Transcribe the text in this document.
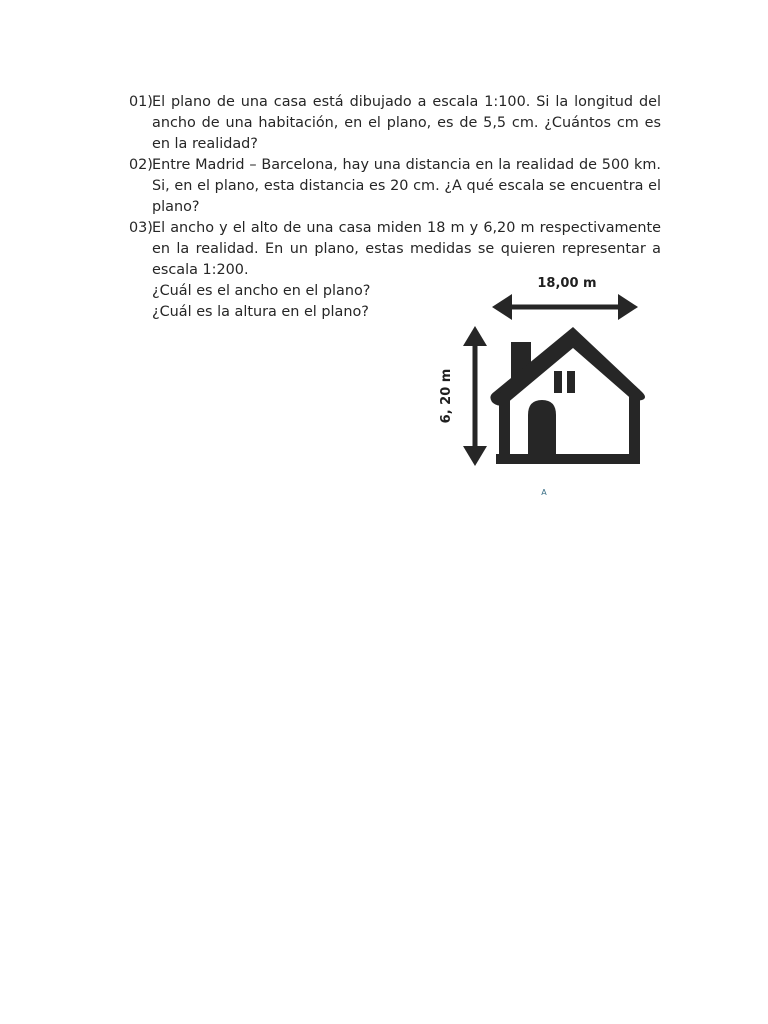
01) El plano de una casa está dibujado a escala 1:100. Si la longitud del ancho de una habitación, en el plano, es de 5,5 cm. ¿Cuántos cm es en la realidad?
02) Entre Madrid – Barcelona, hay una distancia en la realidad de 500 km. Si, en el plano, esta distancia es 20 cm. ¿A qué escala se encuentra el plano?
03) El ancho y el alto de una casa miden 18 m y 6,20 m respectivamente en la realidad. En un plano, estas medidas se quieren representar a escala 1:200.
¿Cuál es el ancho en el plano?
¿Cuál es la altura en el plano?
18,00 m
6, 20 m
A
